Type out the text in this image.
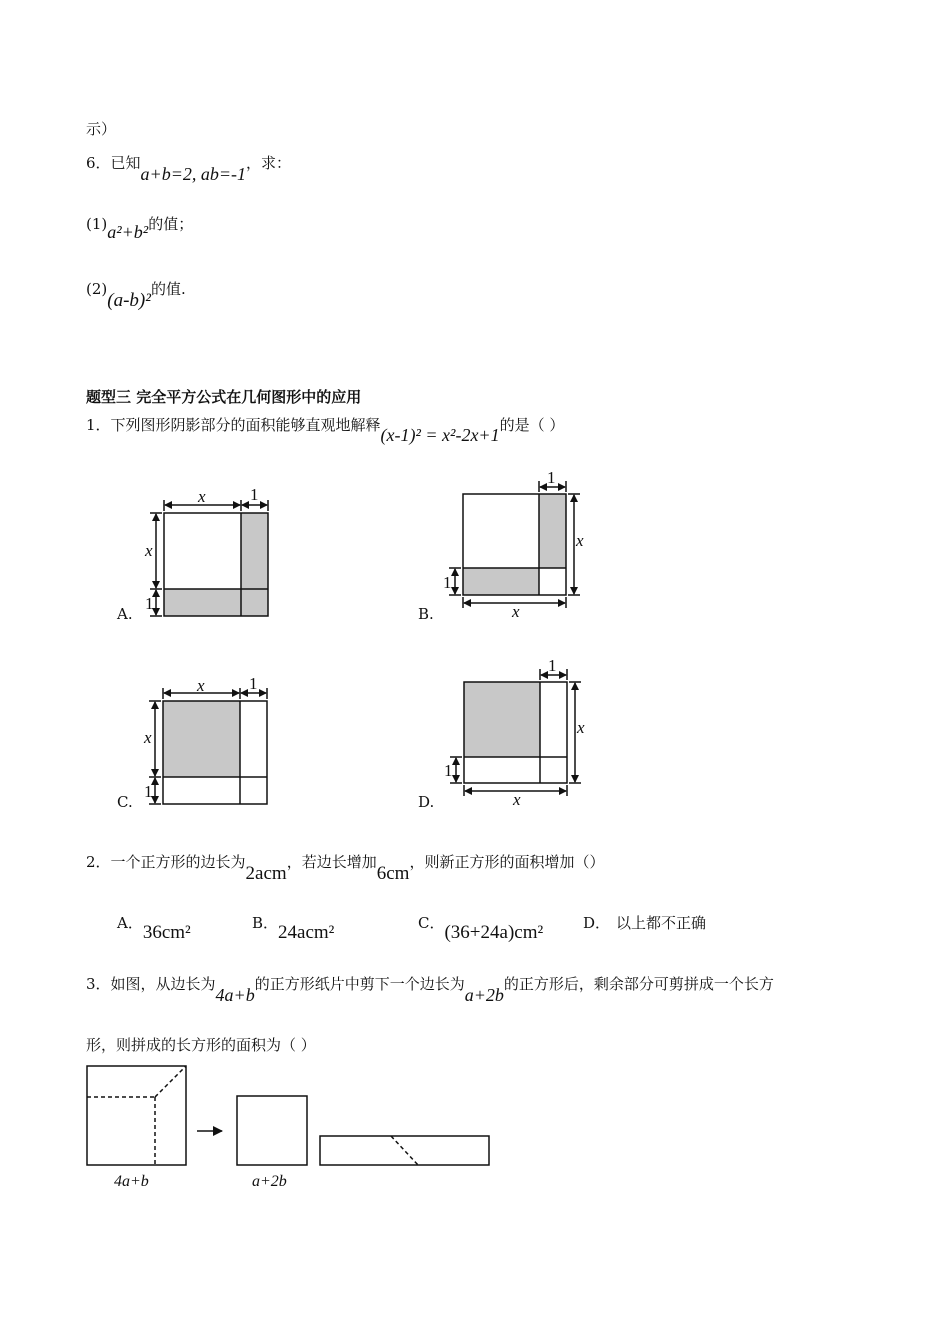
示）
6．已知a+b=2, ab=-1，求：
(1)a²+b²的值；
(2)(a-b)²的值.
题型三 完全平方公式在几何图形中的应用
1．下列图形阴影部分的面积能够直观地解释(x-1)² = x²-2x+1的是（ ）
x	1
x
1
1
x
1
x
x	1
x
1
1
x
1
x
A.	B.
C.	D.
2．一个正方形的边长为2acm，若边长增加6cm，则新正方形的面积增加（）
A．36cm²	B．24acm²	C．(36+24a)cm²	D． 以上都不正确
3．如图，从边长为4a+b的正方形纸片中剪下一个边长为a+2b的正方形后，剩余部分可剪拼成一个长方
形，则拼成的长方形的面积为（ ）
4a+b	a+2b
